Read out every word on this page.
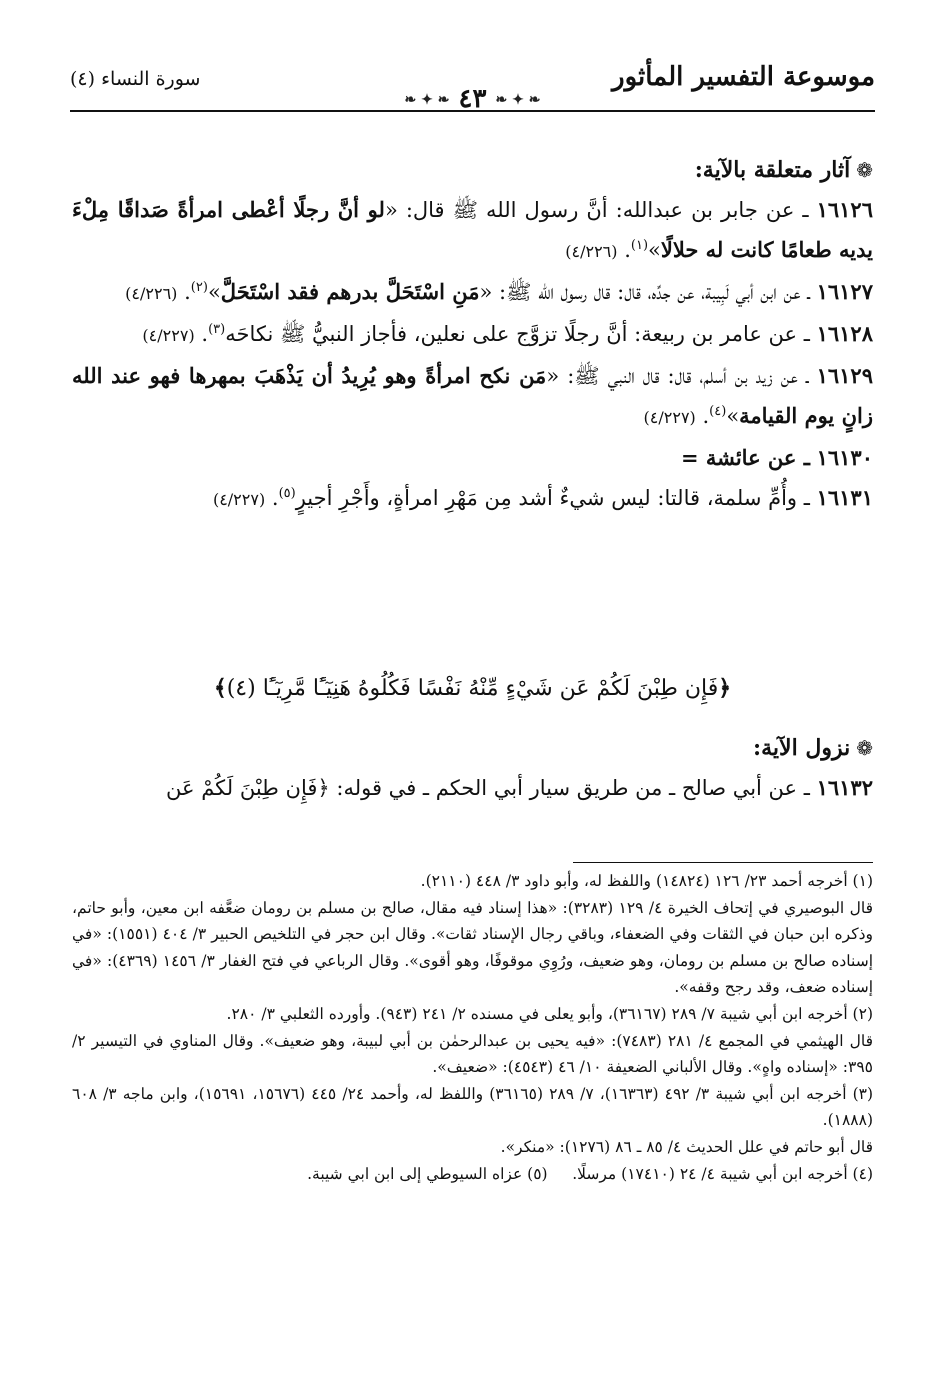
موسوعة التفسير المأثور
❧ ✦ ❧ ٤٣ ❧ ✦ ❧
سورة النساء (٤)

❁آثار متعلقة بالآية:

١٦١٢٦ ـ عن جابر بن عبدالله: أنَّ رسول الله ﷺ قال: «لو أنَّ رجلًا أعْطى امرأةً صَداقًا مِلْءَ يديه طعامًا كانت له حلالًا»$^{(١)}$. (٤/٢٢٦)

١٦١٢٧ ـ عن ابن أبي لَبِيبة، عن جدِّه، قال: قال رسول الله ﷺ: «مَنِ اسْتَحَلَّ بدرهم فقد اسْتَحَلَّ»$^{(٢)}$. (٤/٢٢٦)

١٦١٢٨ ـ عن عامر بن ربيعة: أنَّ رجلًا تزوَّج على نعلين، فأجاز النبيُّ ﷺ نكاحَه$^{(٣)}$. (٤/٢٢٧)

١٦١٢٩ ـ عن زيد بن أسلم، قال: قال النبي ﷺ: «مَن نكح امرأةً وهو يُرِيدُ أن يَذْهَبَ بمهرها فهو عند الله زانٍ يوم القيامة»$^{(٤)}$. (٤/٢٢٧)

١٦١٣٠ ـ عن عائشة =

١٦١٣١ ـ وأُمِّ سلمة، قالتا: ليس شيءٌ أشد مِن مَهْرِ امرأةٍ، وأَجْرِ أجيرٍ$^{(٥)}$. (٤/٢٢٧)

﴿فَإِن طِبْنَ لَكُمْ عَن شَيْءٍ مِّنْهُ نَفْسًا فَكُلُوهُ هَنِيٓـًٔا مَّرِيٓـًٔا (٤)﴾

❁نزول الآية:

١٦١٣٢ ـ عن أبي صالح ـ من طريق سيار أبي الحكم ـ في قوله: ﴿فَإِن طِبْنَ لَكُمْ عَن

(١) أخرجه أحمد ٢٣/ ١٢٦ (١٤٨٢٤) واللفظ له، وأبو داود ٣/ ٤٤٨ (٢١١٠).

قال البوصيري في إتحاف الخيرة ٤/ ١٢٩ (٣٢٨٣): «هذا إسناد فيه مقال، صالح بن مسلم بن رومان ضعَّفه ابن معين، وأبو حاتم، وذكره ابن حبان في الثقات وفي الضعفاء، وباقي رجال الإسناد ثقات». وقال ابن حجر في التلخيص الحبير ٣/ ٤٠٤ (١٥٥١): «في إسناده صالح بن مسلم بن رومان، وهو ضعيف، ورُوِي موقوفًا، وهو أقوى». وقال الرباعي في فتح الغفار ٣/ ١٤٥٦ (٤٣٦٩): «في إسناده ضعف، وقد رجح وقفه».

(٢) أخرجه ابن أبي شيبة ٧/ ٢٨٩ (٣٦١٦٧)، وأبو يعلى في مسنده ٢/ ٢٤١ (٩٤٣). وأورده الثعلبي ٣/ ٢٨٠.

قال الهيثمي في المجمع ٤/ ٢٨١ (٧٤٨٣): «فيه يحيى بن عبدالرحمٰن بن أبي لبيبة، وهو ضعيف». وقال المناوي في التيسير ٢/ ٣٩٥: «إسناده واهٍ». وقال الألباني الضعيفة ١٠/ ٤٦ (٤٥٤٣): «ضعيف».

(٣) أخرجه ابن أبي شيبة ٣/ ٤٩٢ (١٦٣٦٣)، ٧/ ٢٨٩ (٣٦١٦٥) واللفظ له، وأحمد ٢٤/ ٤٤٥ (١٥٦٧٦، ١٥٦٩١)، وابن ماجه ٣/ ٦٠٨ (١٨٨٨).

قال أبو حاتم في علل الحديث ٤/ ٨٥ ـ ٨٦ (١٢٧٦): «منكر».

(٤) أخرجه ابن أبي شيبة ٤/ ٢٤ (١٧٤١٠) مرسلًا.     (٥) عزاه السيوطي إلى ابن ابي شيبة.
